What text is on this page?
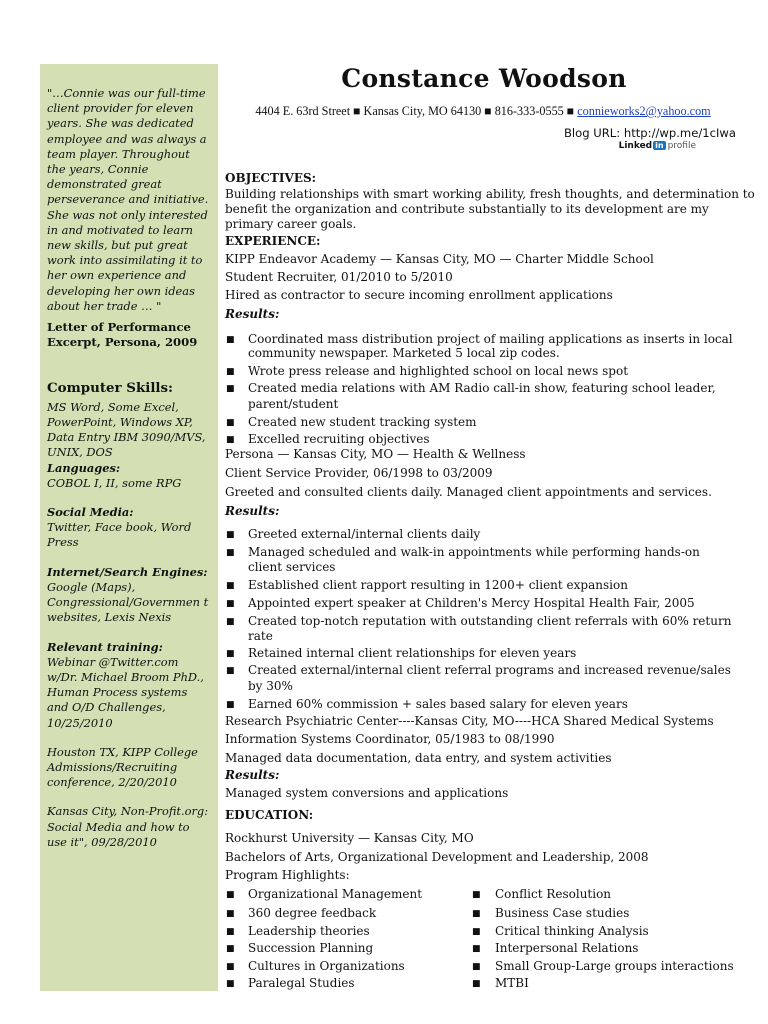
"…Connie was our full-time client provider for eleven years. She was dedicated employee and was always a team player. Throughout the years, Connie demonstrated great perseverance and initiative. She was not only interested in and motivated to learn new skills, but put great work into assimilating it to her own experience and developing her own ideas about her trade … "
Letter of Performance Excerpt, Persona, 2009

Computer Skills:

MS Word, Some Excel, PowerPoint, Windows XP, Data Entry IBM 3090/MVS, UNIX, DOS
Languages:
COBOL I, II, some RPG
Social Media:
Twitter, Face book, Word Press
Internet/Search Engines:
Google (Maps), Congressional/Governmen t websites, Lexis Nexis
Relevant training:
Webinar @Twitter.com w/Dr. Michael Broom PhD., Human Process systems and O/D Challenges, 10/25/2010
Houston TX, KIPP College Admissions/Recruiting conference, 2/20/2010
Kansas City, Non-Profit.org: Social Media and how to use it", 09/28/2010
Constance Woodson
4404 E. 63rd Street ■ Kansas City, MO 64130 ■ 816-333-0555 ■ connieworks2@yahoo.com
Blog URL: http://wp.me/1cIwa
Linked in profile
OBJECTIVES:
Building relationships with smart working ability, fresh thoughts, and determination to
benefit the organization and contribute substantially to its development are my
primary career goals.
EXPERIENCE:
KIPP Endeavor Academy — Kansas City, MO — Charter Middle School
Student Recruiter, 01/2010 to 5/2010
Hired as contractor to secure incoming enrollment applications
Results:
■ Coordinated mass distribution project of mailing applications as inserts in local
community newspaper. Marketed 5 local zip codes.
■ Wrote press release and highlighted school on local news spot
■ Created media relations with AM Radio call-in show, featuring school leader,
parent/student
■ Created new student tracking system
■ Excelled recruiting objectives
Persona — Kansas City, MO — Health & Wellness
Client Service Provider, 06/1998 to 03/2009
Greeted and consulted clients daily. Managed client appointments and services.
Results:
■ Greeted external/internal clients daily
■ Managed scheduled and walk-in appointments while performing hands-on
client services
■ Established client rapport resulting in 1200+ client expansion
■ Appointed expert speaker at Children's Mercy Hospital Health Fair, 2005
■ Created top-notch reputation with outstanding client referrals with 60% return
rate
■ Retained internal client relationships for eleven years
■ Created external/internal client referral programs and increased revenue/sales
by 30%
■ Earned 60% commission + sales based salary for eleven years
Research Psychiatric Center----Kansas City, MO----HCA Shared Medical Systems
Information Systems Coordinator, 05/1983 to 08/1990
Managed data documentation, data entry, and system activities
Results:
Managed system conversions and applications
EDUCATION:
Rockhurst University — Kansas City, MO
Bachelors of Arts, Organizational Development and Leadership, 2008
Program Highlights:
■ Organizational Management
■ 360 degree feedback
■ Leadership theories
■ Succession Planning
■ Cultures in Organizations
■ Paralegal Studies
■ Conflict Resolution
■ Business Case studies
■ Critical thinking Analysis
■ Interpersonal Relations
■ Small Group-Large groups interactions
■ MTBI
